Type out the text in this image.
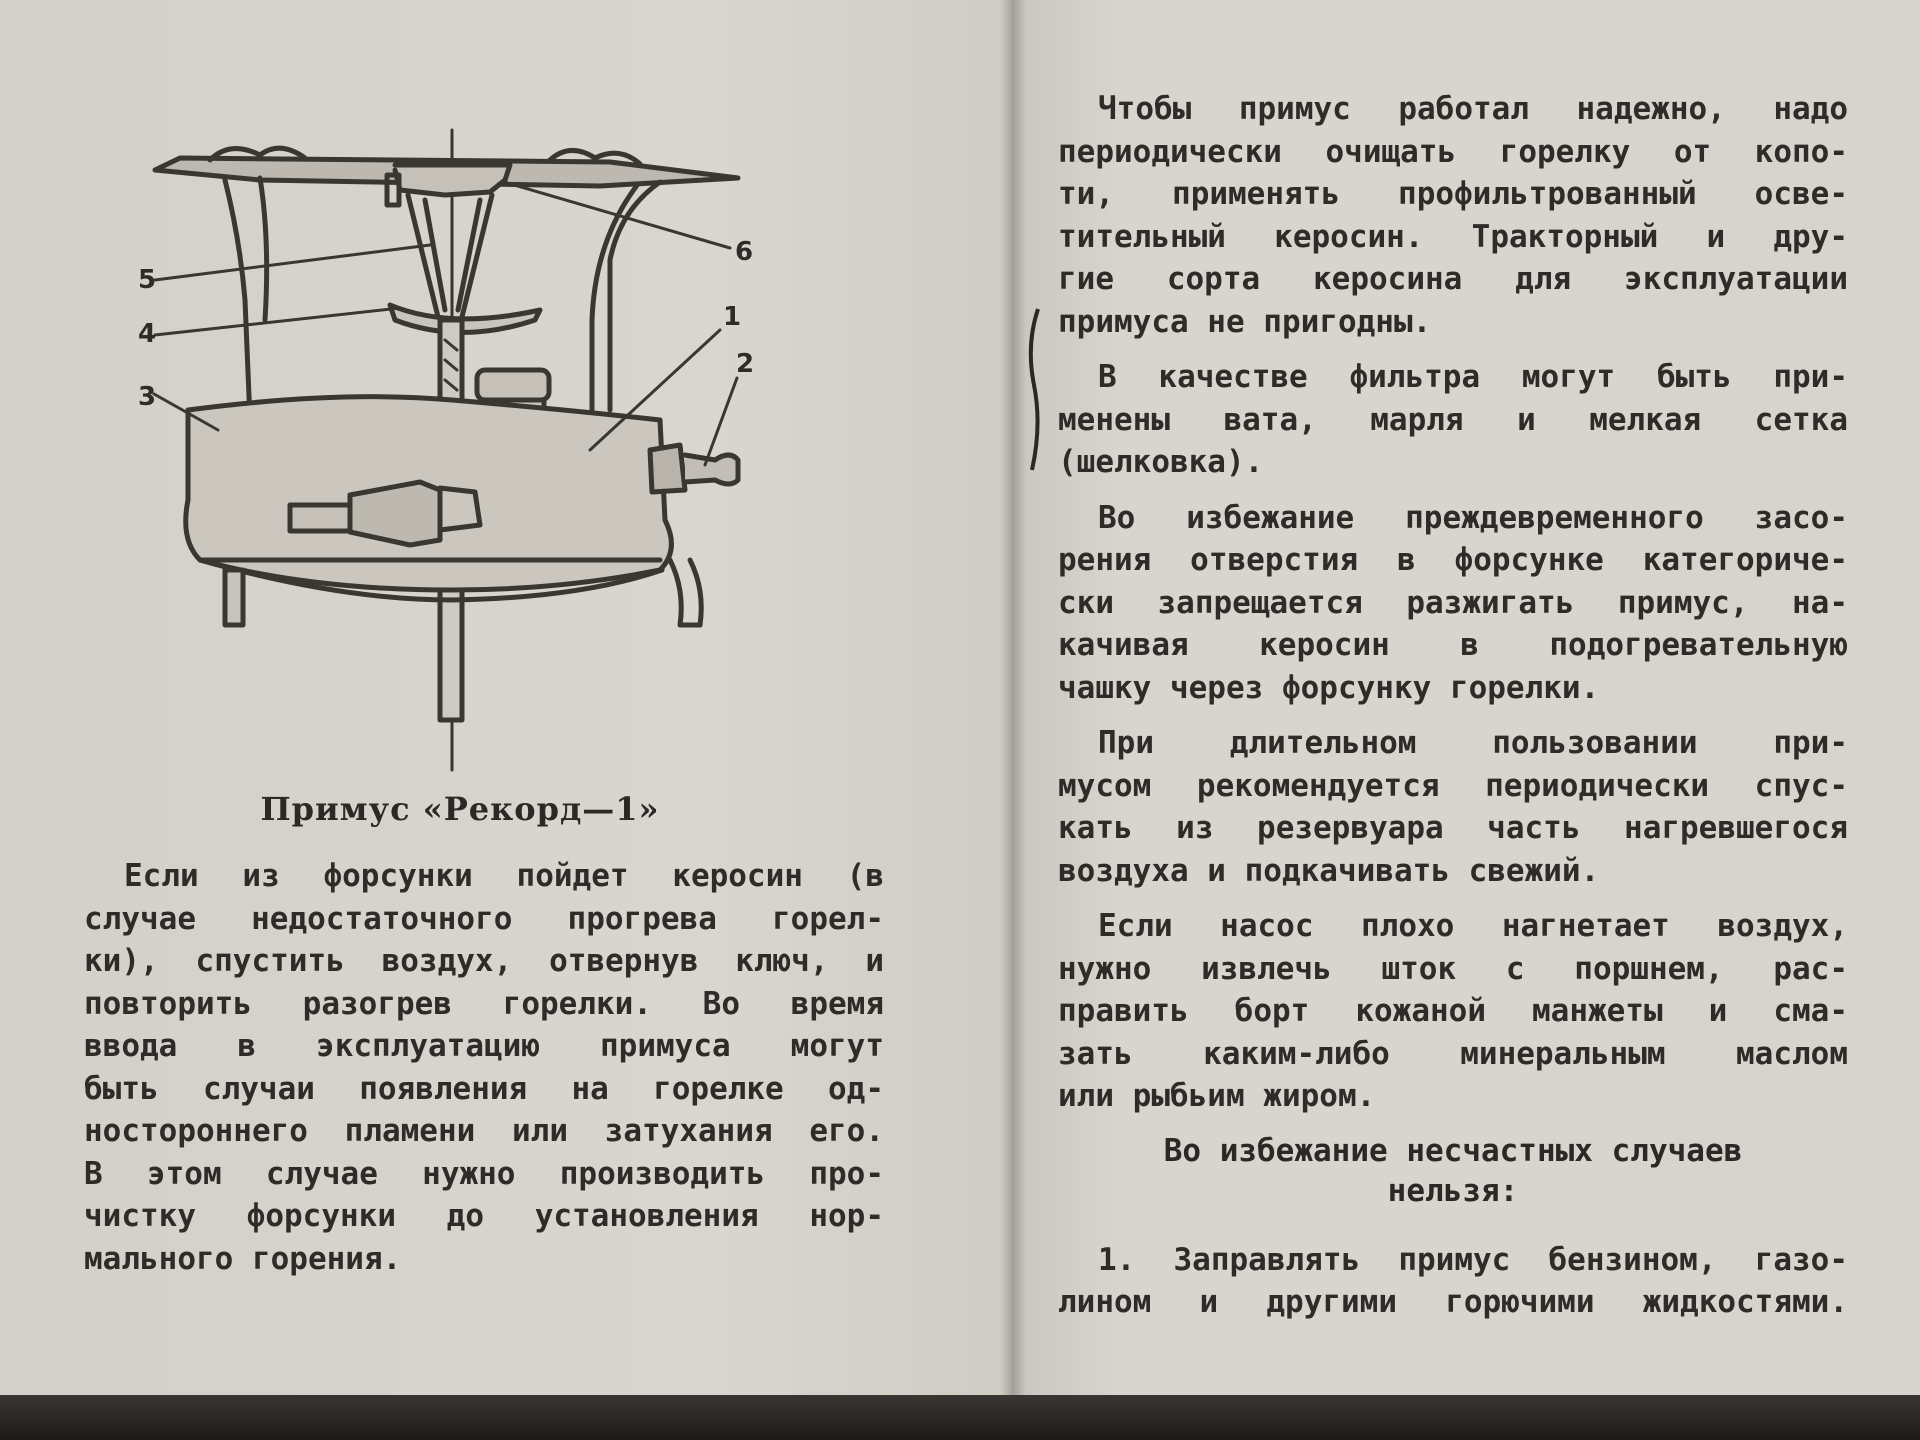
6
5
4
3
1
2
Примус «Рекорд—1»
Если из форсунки пойдет керосин (в
случае недостаточного прогрева горел-
ки), спустить воздух, отвернув ключ, и
повторить разогрев горелки. Во время
ввода в эксплуатацию примуса могут
быть случаи появления на горелке од-
ностороннего пламени или затухания его.
В этом случае нужно производить про-
чистку форсунки до установления нор-
мального горения.
Чтобы примус работал надежно, надо
периодически очищать горелку от копо-
ти, применять профильтрованный осве-
тительный керосин. Тракторный и дру-
гие сорта керосина для эксплуатации
примуса не пригодны.
В качестве фильтра могут быть при-
менены вата, марля и мелкая сетка
(шелковка).
Во избежание преждевременного засо-
рения отверстия в форсунке категориче-
ски запрещается разжигать примус, на-
качивая керосин в подогревательную
чашку через форсунку горелки.
При длительном пользовании при-
мусом рекомендуется периодически спус-
кать из резервуара часть нагревшегося
воздуха и подкачивать свежий.
Если насос плохо нагнетает воздух,
нужно извлечь шток с поршнем, рас-
править борт кожаной манжеты и сма-
зать каким-либо минеральным маслом
или рыбьим жиром.
Во избежание несчастных случаев
нельзя:
1. Заправлять примус бензином, газо-
лином и другими горючими жидкостями.
